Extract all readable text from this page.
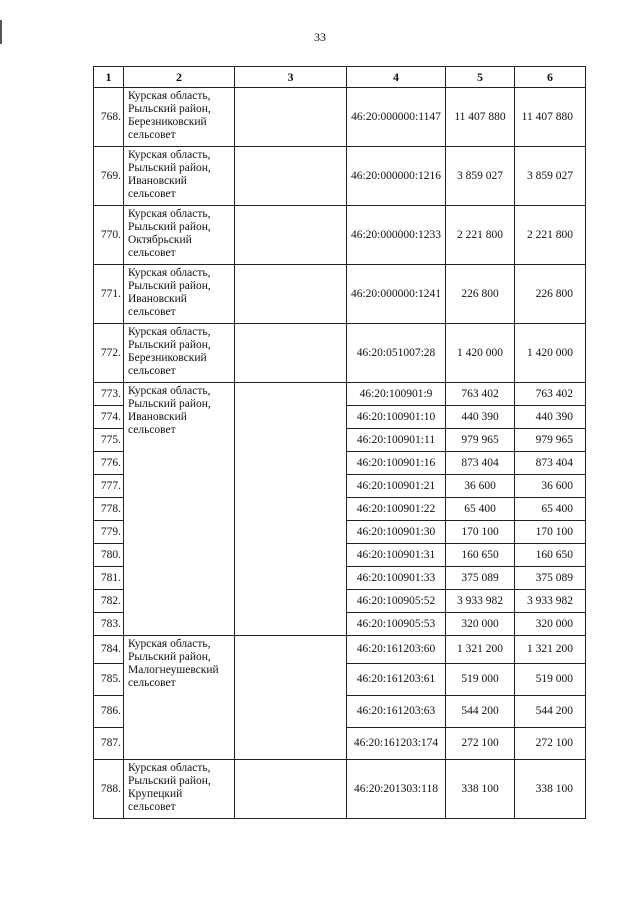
33
1	2	3	4	5	6
768.	Курская область, Рыльский район, Березниковский сельсовет		46:20:000000:1147	11 407 880	11 407 880
769.	Курская область, Рыльский район, Ивановский сельсовет		46:20:000000:1216	3 859 027	3 859 027
770.	Курская область, Рыльский район, Октябрьский сельсовет		46:20:000000:1233	2 221 800	2 221 800
771.	Курская область, Рыльский район, Ивановский сельсовет		46:20:000000:1241	226 800	226 800
772.	Курская область, Рыльский район, Березниковский сельсовет		46:20:051007:28	1 420 000	1 420 000
773.	Курская область, Рыльский район, Ивановский сельсовет		46:20:100901:9	763 402	763 402
774.			46:20:100901:10	440 390	440 390
775.			46:20:100901:11	979 965	979 965
776.			46:20:100901:16	873 404	873 404
777.			46:20:100901:21	36 600	36 600
778.			46:20:100901:22	65 400	65 400
779.			46:20:100901:30	170 100	170 100
780.			46:20:100901:31	160 650	160 650
781.			46:20:100901:33	375 089	375 089
782.			46:20:100905:52	3 933 982	3 933 982
783.			46:20:100905:53	320 000	320 000
784.	Курская область, Рыльский район, Малогнеушевский сельсовет		46:20:161203:60	1 321 200	1 321 200
785.			46:20:161203:61	519 000	519 000
786.			46:20:161203:63	544 200	544 200
787.			46:20:161203:174	272 100	272 100
788.	Курская область, Рыльский район, Крупецкий сельсовет		46:20:201303:118	338 100	338 100
